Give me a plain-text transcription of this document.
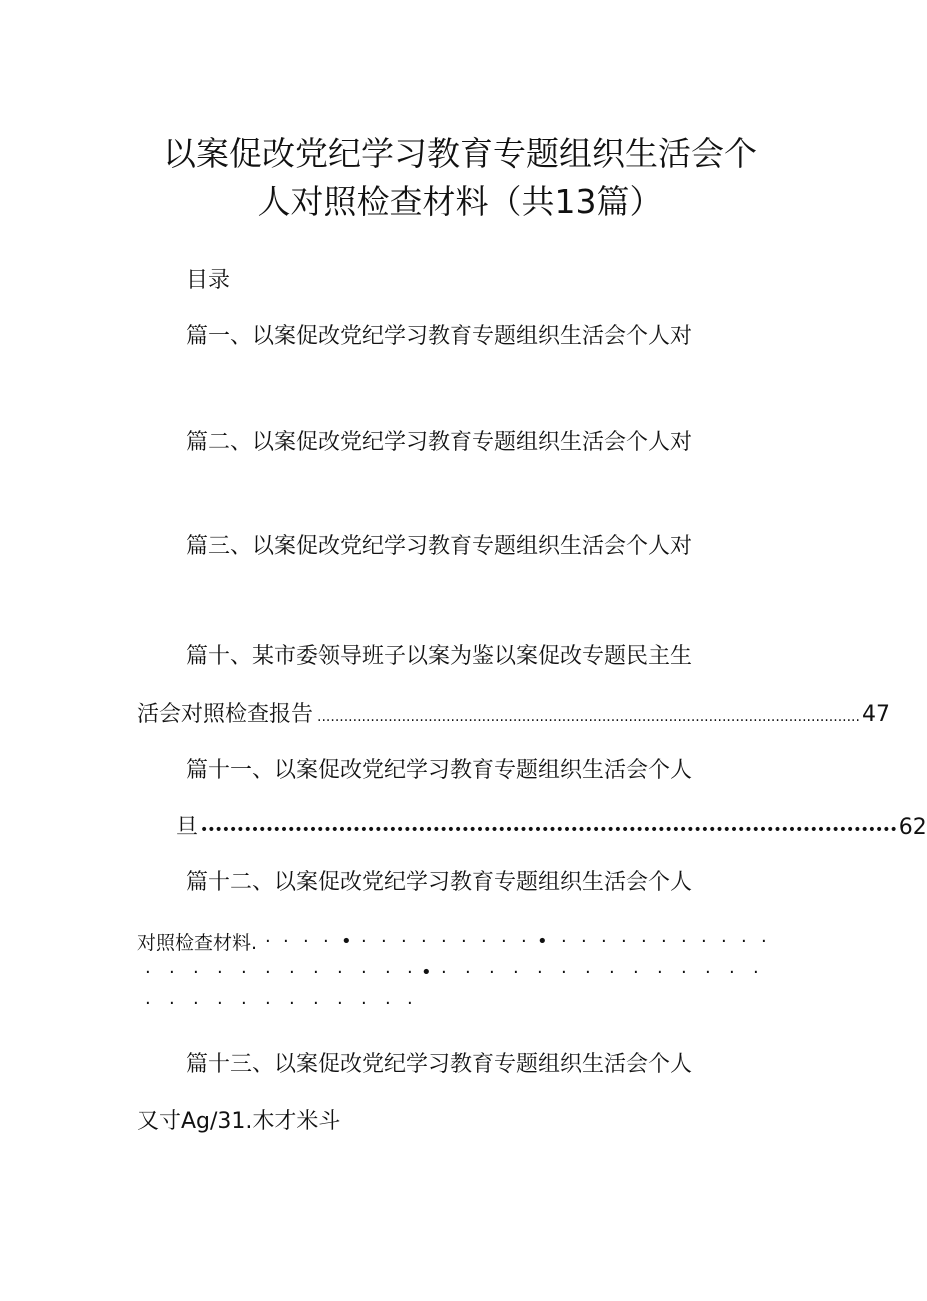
以案促改党纪学习教育专题组织生活会个
人对照检查材料（共13篇）
目录
篇一、以案促改党纪学习教育专题组织生活会个人对
篇二、以案促改党纪学习教育专题组织生活会个人对
篇三、以案促改党纪学习教育专题组织生活会个人对
篇十、某市委领导班子以案为鉴以案促改专题民主生
活会对照检查报告 .......................................................................................................................... 47
篇十一、以案促改党纪学习教育专题组织生活会个人
旦 •••••••••••••••••••••••••••••••••••••••••••••••••••••••••••••••••••••••••••••••••••••••••••••••• 62
篇十二、以案促改党纪学习教育专题组织生活会个人
对照检查材料. · · · · • · · · · · · · · · • · · · · · · · · · · ·
· · · · · · · · · · · · • · · · · · · · · · · · · · ·
· · · · · · · · · · · ·
篇十三、以案促改党纪学习教育专题组织生活会个人
又寸Ag/31.木才米斗
